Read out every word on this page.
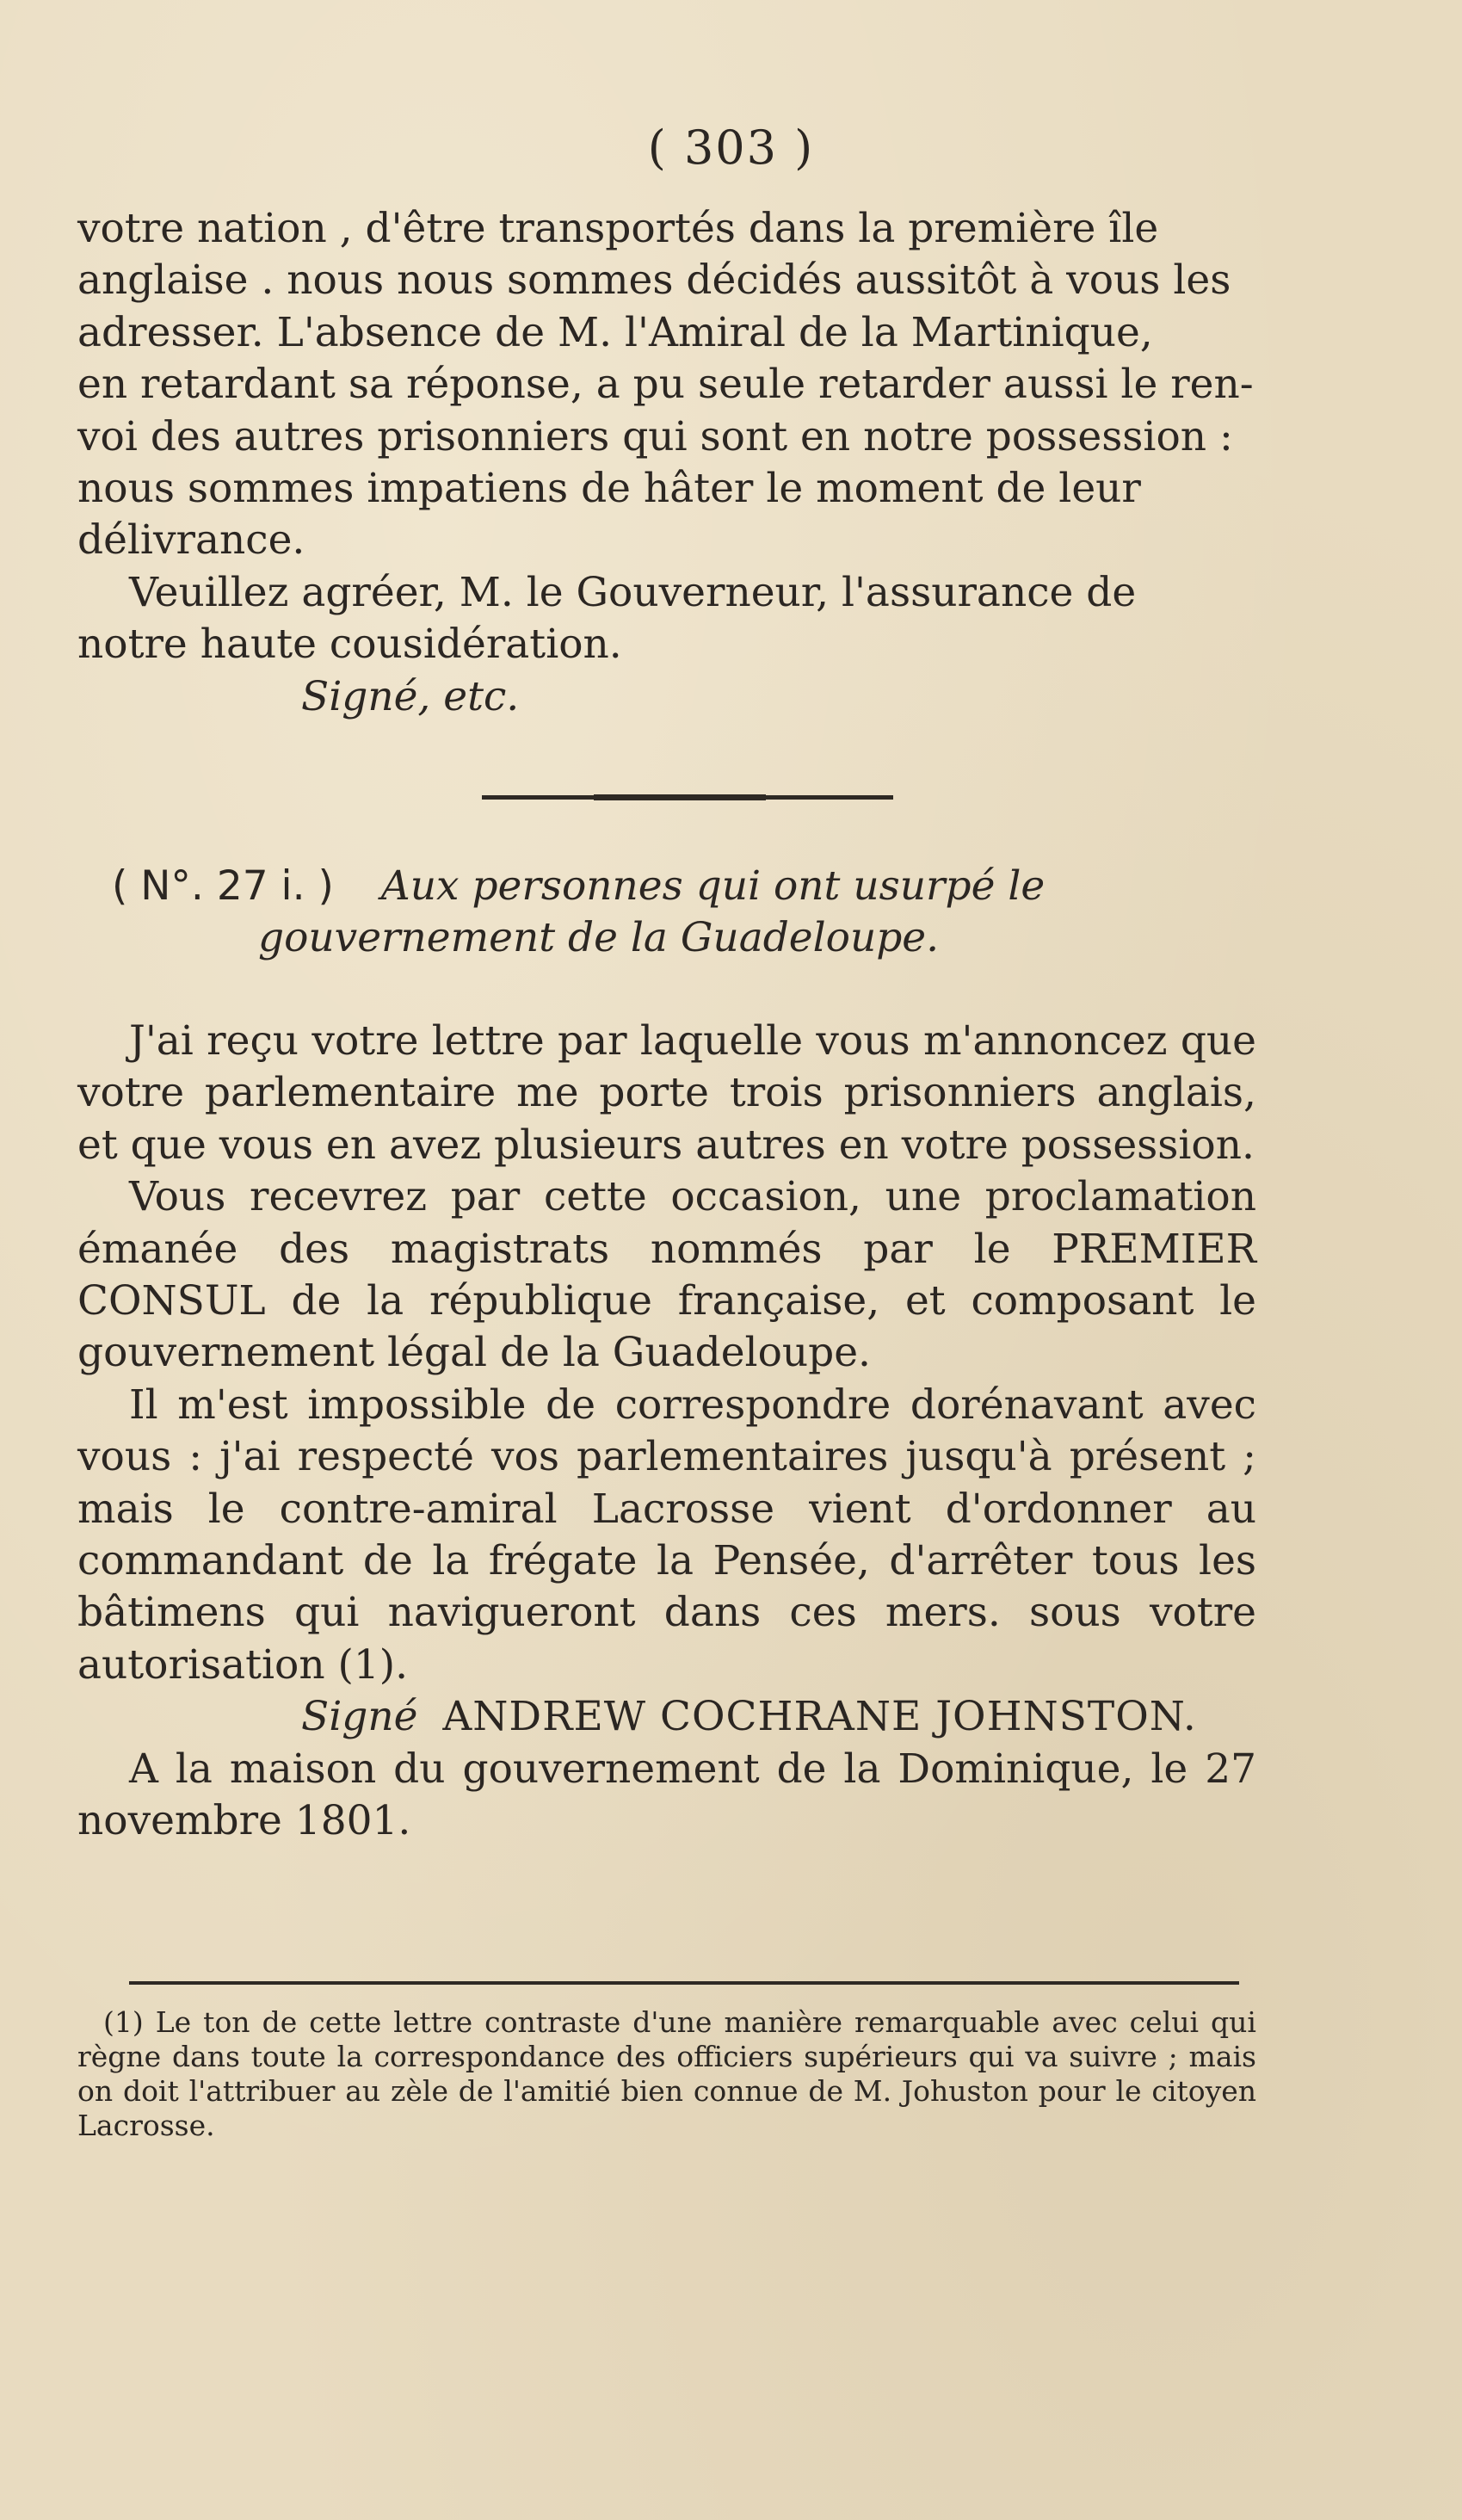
( 303 )

votre nation , d'être transportés dans la première île

anglaise . nous nous sommes décidés aussitôt à vous les

adresser. L'absence de M. l'Amiral de la Martinique,

en retardant sa réponse, a pu seule retarder aussi le ren-

voi des autres prisonniers qui sont en notre possession :

nous sommes impatiens de hâter le moment de leur

délivrance.

Veuillez agréer, M. le Gouverneur, l'assurance de

notre haute cousidération.

Signé, etc.

( N°. 27 i. ) Aux personnes qui ont usurpé le
gouvernement de la Guadeloupe.

J'ai reçu votre lettre par laquelle vous m'annoncez que votre parlementaire me porte trois prisonniers anglais, et que vous en avez plusieurs autres en votre possession.

Vous recevrez par cette occasion, une proclamation émanée des magistrats nommés par le PREMIER CONSUL de la république française, et composant le gouvernement légal de la Guadeloupe.

Il m'est impossible de correspondre dorénavant avec vous : j'ai respecté vos parlementaires jusqu'à présent ; mais le contre-amiral Lacrosse vient d'ordonner au commandant de la frégate la Pensée, d'arrêter tous les bâtimens qui navigueront dans ces mers. sous votre autorisation (1).

Signé ANDREW COCHRANE JOHNSTON.

A la maison du gouvernement de la Dominique, le 27 novembre 1801.

(1) Le ton de cette lettre contraste d'une manière remarquable avec celui qui règne dans toute la correspondance des officiers supérieurs qui va suivre ; mais on doit l'attribuer au zèle de l'amitié bien connue de M. Johuston pour le citoyen Lacrosse.
